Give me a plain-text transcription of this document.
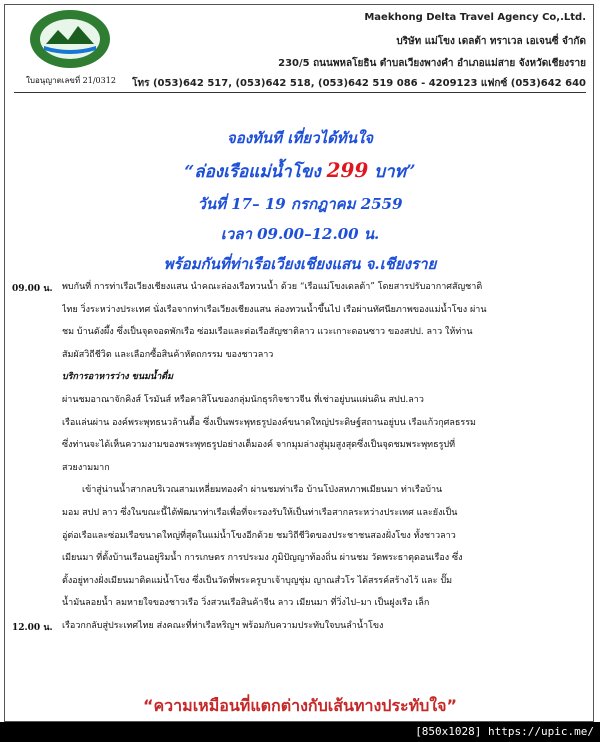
ใบอนุญาตเลขที่ 21/0312
Maekhong Delta Travel Agency Co,.Ltd.
บริษัท แม่โขง เดลต้า ทราเวล เอเจนซี่ จำกัด
230/5 ถนนพหลโยธิน ตำบลเวียงพางคำ อำเภอแม่สาย จังหวัดเชียงราย
โทร (053)642 517, (053)642 518, (053)642 519 086 - 4209123 แฟกซ์ (053)642 640
จองทันที เที่ยวได้ทันใจ
“ล่องเรือแม่น้ำโขง 299 บาท”
วันที่ 17– 19 กรกฎาคม 2559
เวลา 09.00–12.00 น.
พร้อมกันที่ท่าเรือเวียงเชียงแสน จ.เชียงราย
09.00 น. พบกันที่ การท่าเรือเวียงเชียงแสน นำคณะล่องเรือทวนน้ำ ด้วย “เรือแม่โขงเดลต้า” โดยสารปรับอากาศสัญชาติ

ไทย วิ่งระหว่างประเทศ นั่งเรือจากท่าเรือเวียงเชียงแสน ล่องทวนน้ำขึ้นไป เรือผ่านทัศนียภาพของแม่น้ำโขง ผ่าน

ชม บ้านดังผึ้ง ซึ่งเป็นจุดจอดพักเรือ ซ่อมเรือและต่อเรือสัญชาติลาว แวะเกาะดอนซาว ของสปป. ลาว ให้ท่าน

สัมผัสวิถีชีวิต และเลือกซื้อสินค้าหัตถกรรม ของชาวลาว

บริการอาหารว่าง ขนมน้ำดื่ม

ผ่านชมอาณาจักคิงส์ โรมันส์ หรือคาสิโนของกลุ่มนักธุรกิจชาวจีน ที่เช่าอยู่บนแผ่นดิน สปป.ลาว

เรือแล่นผ่าน องค์พระพุทธนวล้านตื้อ ซึ่งเป็นพระพุทธรูปองค์ขนาดใหญ่ประดิษฐ์สถานอยู่บน เรือแก้วกุศลธรรม

ซึ่งท่านจะได้เห็นความงามของพระพุทธรูปอย่างเต็มองค์ จากมุมล่างสู่มุมสูงสุดซึ่งเป็นจุดชมพระพุทธรูปที่

สวยงามมาก

เข้าสู่น่านน้ำสากลบริเวณสามเหลี่ยมทองคำ ผ่านชมท่าเรือ บ้านโป่งสหภาพเมียนมา ท่าเรือบ้าน

มอม สปป ลาว ซึ่งในขณะนี้ได้พัฒนาท่าเรือเพื่อที่จะรองรับให้เป็นท่าเรือสากลระหว่างประเทศ และยังเป็น

อู่ต่อเรือและซ่อมเรือขนาดใหญ่ที่สุดในแม่น้ำโขงอีกด้วย ชมวิถีชีวิตของประชาชนสองฝั่งโขง ทั้งชาวลาว

เมียนมา ที่ตั้งบ้านเรือนอยู่ริมน้ำ การเกษตร การประมง ภูมิปัญญาท้องถิ่น ผ่านชม วัดพระธาตุดอนเรือง ซึ่ง

ตั้งอยู่ทางฝั่งเมียนมาติดแม่น้ำโขง ซึ่งเป็นวัดที่พระครูบาเจ้าบุญชุ่ม ญาณสํวโร ได้สรรค์สร้างไว้ และ ปั๊ม

น้ำมันลอยน้ำ ลมหายใจของชาวเรือ วิ่งสวนเรือสินค้าจีน ลาว เมียนมา ที่วิ่งไป–มา เป็นฝูงเรือ เล็ก

เรือวกกลับสู่ประเทศไทย ส่งคณะที่ท่าเรือหริญฯ พร้อมกับความประทับใจบนลำน้ำโขง

12.00 น.
“ความเหมือนที่แตกต่างกับเส้นทางประทับใจ”
[850x1028] https://upic.me/
